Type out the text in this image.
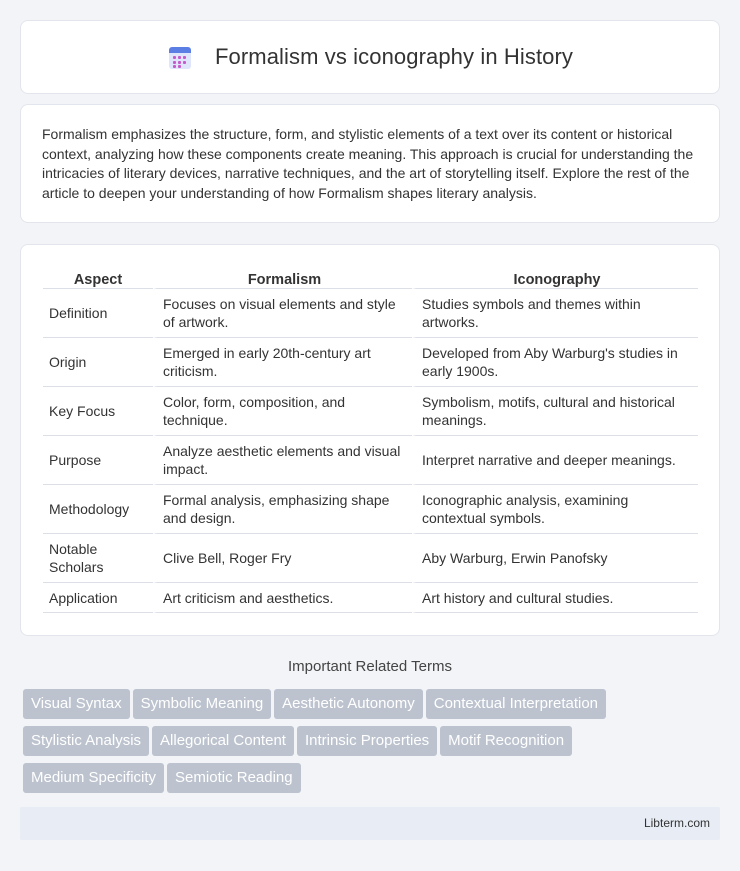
Formalism vs iconography in History

Formalism emphasizes the structure, form, and stylistic elements of a text over its content or historical context, analyzing how these components create meaning. This approach is crucial for understanding the intricacies of literary devices, narrative techniques, and the art of storytelling itself. Explore the rest of the article to deepen your understanding of how Formalism shapes literary analysis.

Aspect	Formalism	Iconography
Definition	Focuses on visual elements and style of artwork.	Studies symbols and themes within artworks.
Origin	Emerged in early 20th-century art criticism.	Developed from Aby Warburg's studies in early 1900s.
Key Focus	Color, form, composition, and technique.	Symbolism, motifs, cultural and historical meanings.
Purpose	Analyze aesthetic elements and visual impact.	Interpret narrative and deeper meanings.
Methodology	Formal analysis, emphasizing shape and design.	Iconographic analysis, examining contextual symbols.
Notable Scholars	Clive Bell, Roger Fry	Aby Warburg, Erwin Panofsky
Application	Art criticism and aesthetics.	Art history and cultural studies.
Important Related Terms
Visual Syntax Symbolic Meaning Aesthetic Autonomy Contextual Interpretation
Stylistic Analysis Allegorical Content Intrinsic Properties Motif Recognition
Medium Specificity Semiotic Reading
Libterm.com
